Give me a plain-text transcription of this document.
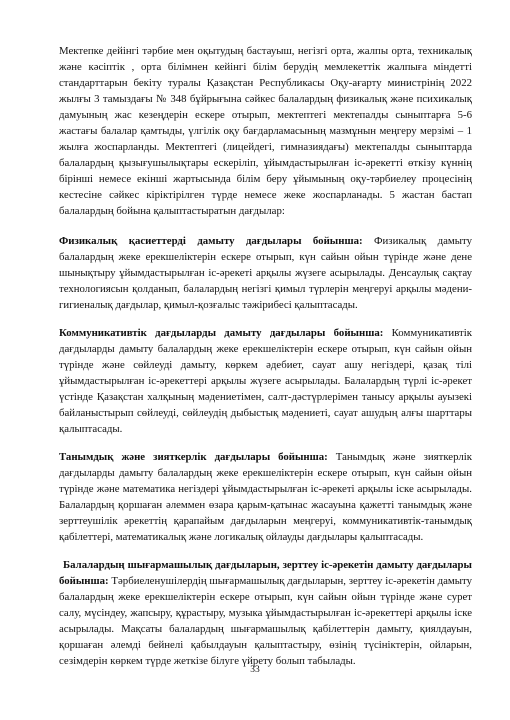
Мектепке дейінгі тәрбие мен оқытудың бастауыш, негізгі орта, жалпы орта, техникалық және кәсіптік , орта білімнен кейінгі білім берудің мемлекеттік жалпыға міндетті стандарттарын бекіту туралы Қазақстан Республикасы Оқу-ағарту министрінің 2022 жылғы 3 тамыздағы № 348 бұйрығына сәйкес балалардың физикалық және психикалық дамуының жас кезеңдерін ескере отырып, мектептегі мектепалды сыныптарға 5-6 жастағы балалар қамтыды, үлгілік оқу бағдарламасының мазмұнын меңгеру мерзімі – 1 жылға жоспарланды. Мектептегі (лицейдегі, гимназиядағы) мектепалды сыныптарда балалардың қызығушылықтары ескеріліп, ұйымдастырылған іс-әрекетті өткізу күннің бірінші немесе екінші жартысында білім беру ұйымының оқу-тәрбиелеу процесінің кестесіне сәйкес кіріктірілген түрде немесе жеке жоспарланады. 5 жастан бастап балалардың бойына қалыптастыратын дағдылар:

Физикалық қасиеттерді дамыту дағдылары бойынша: Физикалық дамыту балалардың жеке ерекшеліктерін ескере отырып, күн сайын ойын түрінде және дене шынықтыру ұйымдастырылған іс-әрекеті арқылы жүзеге асырылады. Денсаулық сақтау технологиясын қолданып, балалардың негізгі қимыл түрлерін меңгеруі арқылы мәдени-гигиеналық дағдылар, қимыл-қозғалыс тәжірибесі қалыптасады.

Коммуникативтік дағдыларды дамыту дағдылары бойынша: Коммуникативтік дағдыларды дамыту балалардың жеке ерекшеліктерін ескере отырып, күн сайын ойын түрінде және сөйлеуді дамыту, көркем әдебиет, сауат ашу негіздері, қазақ тілі ұйымдастырылған іс-әрекеттері арқылы жүзеге асырылады. Балалардың түрлі іс-әрекет үстінде Қазақстан халқының мәдениетімен, салт-дәстүрлерімен танысу арқылы ауызекі байланыстырып сөйлеуді, сөйлеудің дыбыстық мәдениеті, сауат ашудың алғы шарттары қалыптасады.

Танымдық және зияткерлік дағдылары бойынша: Танымдық және зияткерлік дағдыларды дамыту балалардың жеке ерекшеліктерін ескере отырып, күн сайын ойын түрінде және математика негіздері ұйымдастырылған іс-әрекеті арқылы іске асырылады. Балалардың қоршаған әлеммен өзара қарым-қатынас жасауына қажетті танымдық және зерттеушілік әрекеттің қарапайым дағдыларын меңгеруі, коммуникативтік-танымдық қабілеттері, математикалық және логикалық ойлауды дағдылары қалыптасады.

Балалардың шығармашылық дағдыларын, зерттеу іс-әрекетін дамыту дағдылары бойынша: Тәрбиеленушілердің шығармашылық дағдыларын, зерттеу іс-әрекетін дамыту балалардың жеке ерекшеліктерін ескере отырып, күн сайын ойын түрінде және сурет салу, мүсіндеу, жапсыру, құрастыру, музыка ұйымдастырылған іс-әрекеттері арқылы іске асырылады. Мақсаты балалардың шығармашылық қабілеттерін дамыту, қиялдауын, қоршаған әлемді бейнелі қабылдауын қалыптастыру, өзінің түсініктерін, ойларын, сезімдерін көркем түрде жеткізе білуге үйрету болып табылады.

33
